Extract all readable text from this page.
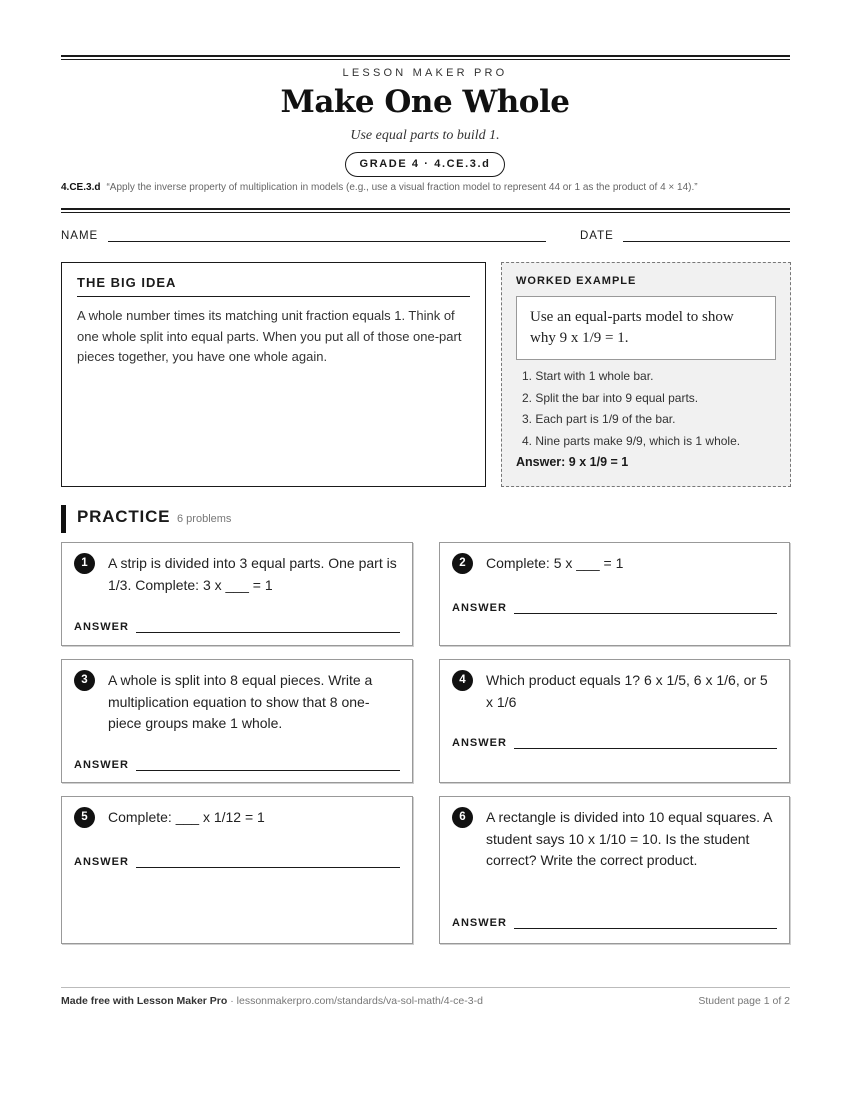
LESSON MAKER PRO
Make One Whole
Use equal parts to build 1.
GRADE 4 · 4.CE.3.d
4.CE.3.d “Apply the inverse property of multiplication in models (e.g., use a visual fraction model to represent 44 or 1 as the product of 4 × 14).”
NAME	DATE
THE BIG IDEA
A whole number times its matching unit fraction equals 1. Think of one whole split into equal parts. When you put all of those one-part pieces together, you have one whole again.
WORKED EXAMPLE
Use an equal-parts model to show why 9 x 1/9 = 1.
1. Start with 1 whole bar.
2. Split the bar into 9 equal parts.
3. Each part is 1/9 of the bar.
4. Nine parts make 9/9, which is 1 whole.
Answer: 9 x 1/9 = 1
PRACTICE 6 problems
1	A strip is divided into 3 equal parts. One part is 1/3. Complete: 3 x ___ = 1
ANSWER
2	Complete: 5 x ___ = 1
ANSWER
3	A whole is split into 8 equal pieces. Write a multiplication equation to show that 8 one-piece groups make 1 whole.
ANSWER
4	Which product equals 1? 6 x 1/5, 6 x 1/6, or 5 x 1/6
ANSWER
5	Complete: ___ x 1/12 = 1
ANSWER
6	A rectangle is divided into 10 equal squares. A student says 10 x 1/10 = 10. Is the student correct? Write the correct product.
ANSWER
Made free with Lesson Maker Pro · lessonmakerpro.com/standards/va-sol-math/4-ce-3-d	Student page 1 of 2
